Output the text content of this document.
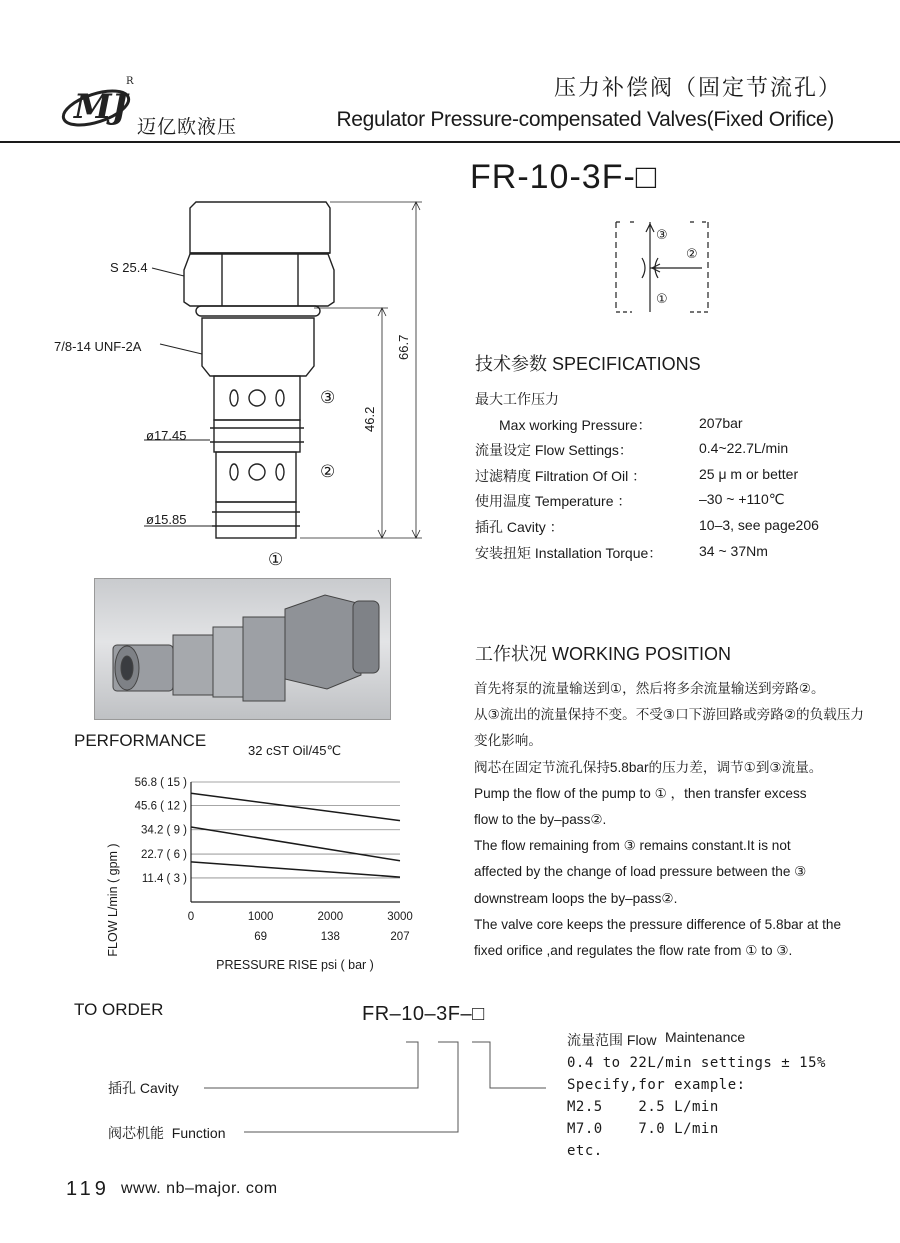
MJ
R
迈亿欧液压
压力补偿阀（固定节流孔）
Regulator Pressure-compensated Valves(Fixed Orifice)
FR-10-3F-□
S 25.4
7/8-14 UNF-2A
ø17.45
ø15.85
66.7
46.2
③
②
①
③
②
①
技术参数 SPECIFICATIONS
最大工作压力
Max working Pressure：	207bar
流量设定 Flow Settings：	0.4~22.7L/min
过滤精度 Filtration Of Oil ：	25 μ m or better
使用温度 Temperature ：	–30 ~ +110℃
插孔 Cavity ：	10–3, see page206
安装扭矩 Installation Torque：	34 ~ 37Nm
工作状况 WORKING POSITION
首先将泵的流量输送到①，然后将多余流量输送到旁路②。
从③流出的流量保持不变。不受③口下游回路或旁路②的负载压力
变化影响。
阀芯在固定节流孔保持5.8bar的压力差，调节①到③流量。
Pump the flow of the pump to ① ，then transfer excess
flow to the by–pass②.
The flow remaining from ③ remains constant.It is not
affected by the change of load pressure between the ③
downstream loops the by–pass②.
The valve core keeps the pressure difference of 5.8bar at the
fixed orifice ,and regulates the flow rate from ① to ③.
PERFORMANCE
32 cST Oil/45℃
56.8 ( 15 )
45.6 ( 12 )
34.2 ( 9 )
22.7 ( 6 )
11.4 ( 3 )
0	1000
69
2000
138
3000
207
FLOW L/min ( gpm )
PRESSURE RISE psi ( bar )
TO ORDER	FR–10–3F–□
流量范围 Flow Maintenance
0.4 to 22L/min settings ± 15%
Specify,for example:
M2.5    2.5 L/min
M7.0    7.0 L/min
etc.
插孔 Cavity
阀芯机能  Function
119 www. nb–major. com
